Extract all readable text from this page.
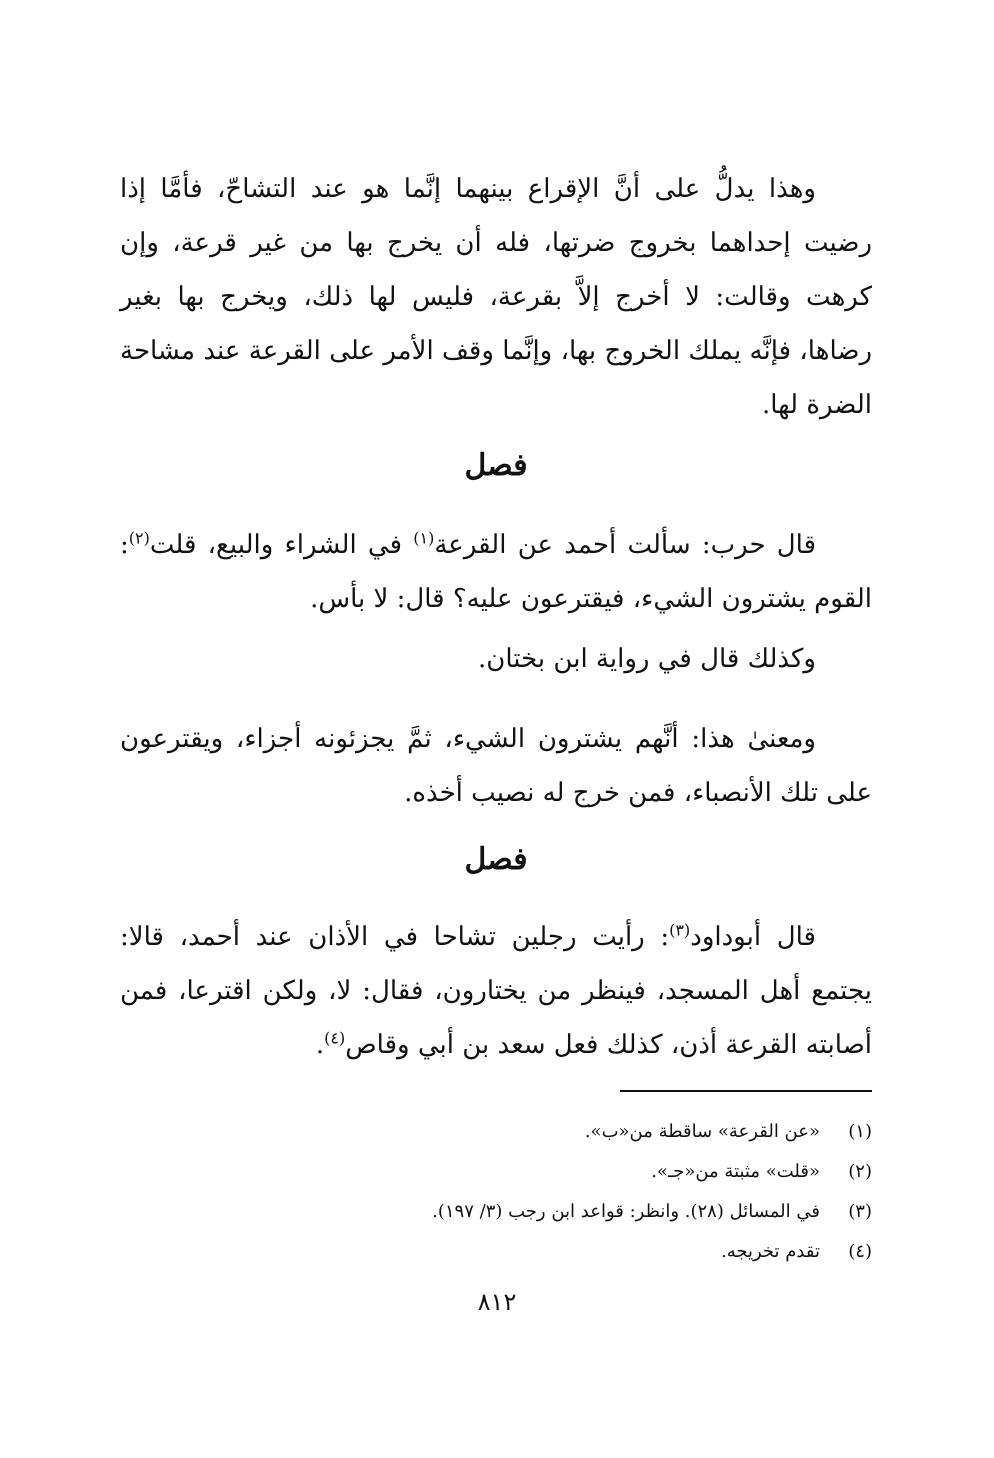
وهذا يدلُّ على أنَّ الإقراع بينهما إنَّما هو عند التشاحّ، فأمَّا إذا رضيت إحداهما بخروج ضرتها، فله أن يخرج بها من غير قرعة، وإن كرهت وقالت: لا أخرج إلاَّ بقرعة، فليس لها ذلك، ويخرج بها بغير رضاها، فإنَّه يملك الخروج بها، وإنَّما وقف الأمر على القرعة عند مشاحة الضرة لها.

فصل

قال حرب: سألت أحمد عن القرعة$^{(١)}$ في الشراء والبيع، قلت$^{(٢)}$: القوم يشترون الشيء، فيقترعون عليه؟ قال: لا بأس.

وكذلك قال في رواية ابن بختان.

ومعنىٰ هذا: أنَّهم يشترون الشيء، ثمَّ يجزئونه أجزاء، ويقترعون على تلك الأنصباء، فمن خرج له نصيب أخذه.

فصل

قال أبوداود$^{(٣)}$: رأيت رجلين تشاحا في الأذان عند أحمد، قالا: يجتمع أهل المسجد، فينظر من يختارون، فقال: لا، ولكن اقترعا، فمن أصابته القرعة أذن، كذلك فعل سعد بن أبي وقاص$^{(٤)}$.

(١)
«عن القرعة» ساقطة من«ب».
(٢)
«قلت» مثبتة من«جـ».
(٣)
في المسائل (٢٨). وانظر: قواعد ابن رجب (٣/ ١٩٧).
(٤)
تقدم تخريجه.
٨١٢
